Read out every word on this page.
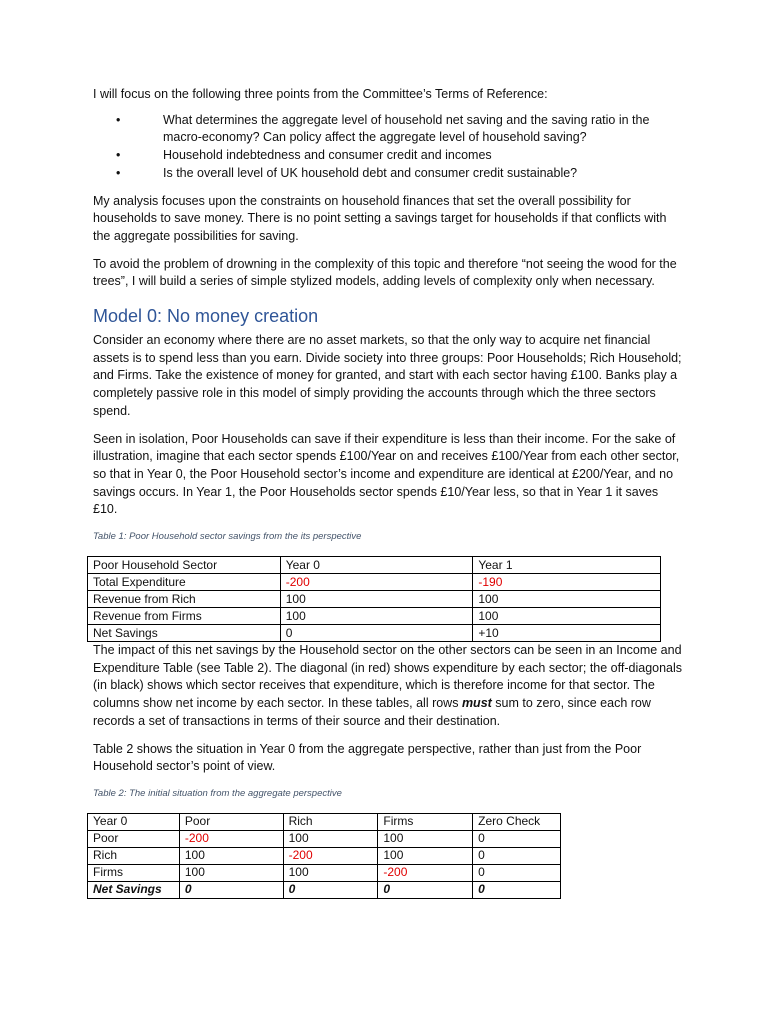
I will focus on the following three points from the Committee’s Terms of Reference:

•	What determines the aggregate level of household net saving and the saving ratio in the macro-economy? Can policy affect the aggregate level of household saving?
•	Household indebtedness and consumer credit and incomes
•	Is the overall level of UK household debt and consumer credit sustainable?

My analysis focuses upon the constraints on household finances that set the overall possibility for households to save money. There is no point setting a savings target for households if that conflicts with the aggregate possibilities for saving.

To avoid the problem of drowning in the complexity of this topic and therefore “not seeing the wood for the trees”, I will build a series of simple stylized models, adding levels of complexity only when necessary.

Model 0: No money creation

Consider an economy where there are no asset markets, so that the only way to acquire net financial assets is to spend less than you earn. Divide society into three groups: Poor Households; Rich Household; and Firms. Take the existence of money for granted, and start with each sector having £100. Banks play a completely passive role in this model of simply providing the accounts through which the three sectors spend.

Seen in isolation, Poor Households can save if their expenditure is less than their income. For the sake of illustration, imagine that each sector spends £100/Year on and receives £100/Year from each other sector, so that in Year 0, the Poor Household sector’s income and expenditure are identical at £200/Year, and no savings occurs. In Year 1, the Poor Households sector spends £10/Year less, so that in Year 1 it saves £10.

Table 1: Poor Household sector savings from the its perspective
Poor Household Sector	Year 0	Year 1
Total Expenditure	-200	-190
Revenue from Rich	100	100
Revenue from Firms	100	100
Net Savings	0	+10

The impact of this net savings by the Household sector on the other sectors can be seen in an Income and Expenditure Table (see Table 2). The diagonal (in red) shows expenditure by each sector; the off-diagonals (in black) shows which sector receives that expenditure, which is therefore income for that sector. The columns show net income by each sector. In these tables, all rows must sum to zero, since each row records a set of transactions in terms of their source and their destination.

Table 2 shows the situation in Year 0 from the aggregate perspective, rather than just from the Poor Household sector’s point of view.

Table 2: The initial situation from the aggregate perspective
Year 0	Poor	Rich	Firms	Zero Check
Poor	-200	100	100	0
Rich	100	-200	100	0
Firms	100	100	-200	0
Net Savings	0	0	0	0
